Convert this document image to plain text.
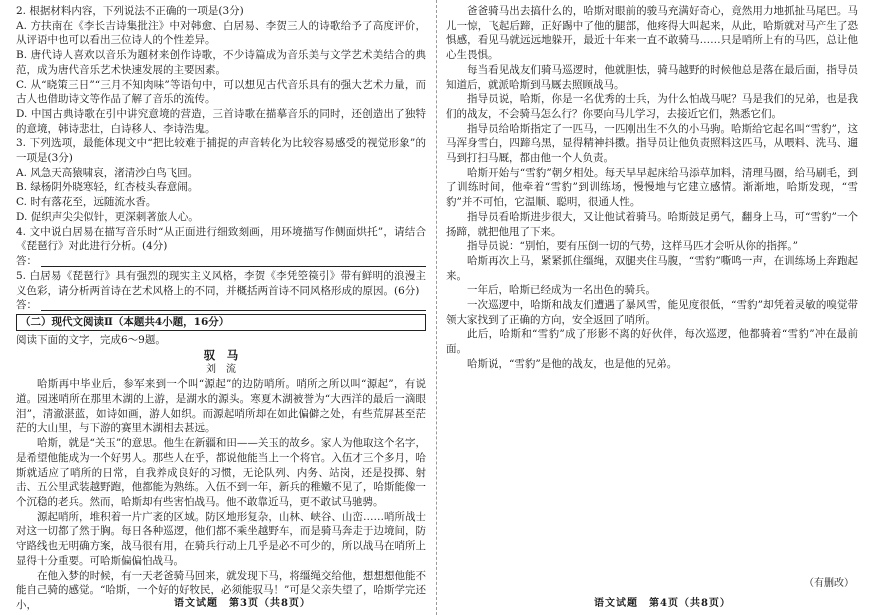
2. 根据材料内容，下列说法不正确的一项是(3分)

A. 方扶南在《李长吉诗集批注》中对韩愈、白居易、李贺三人的诗歌给予了高度评价，从评语中也可以看出三位诗人的个性差异。

B. 唐代诗人喜欢以音乐为题材来创作诗歌，不少诗篇成为音乐美与文学艺术美结合的典范，成为唐代音乐艺术快速发展的主要因素。

C. 从“晓策三日”“三月不知肉味”等语句中，可以想见古代音乐具有的强大艺术力量，而古人也借助诗文等作品了解了音乐的流传。

D. 中国古典诗歌在引中讲究意境的营造，三首诗歌在描摹音乐的同时，还创造出了独特的意境，韩诗悲壮，白诗移人、李诗浩鬼。

3. 下列选项，最能体现文中“把比较难于捕捉的声音转化为比较容易感受的视觉形象”的一项是(3分)

A. 风急天高猿啸哀，渚清沙白鸟飞回。

B. 绿杨阴外晓寒轻，红杏枝头春意闹。

C. 时有落花至，远随流水香。

D. 促织声尖尖似针，更深刺著旅人心。

4. 文中说白居易在描写音乐时“从正面进行细致刻画，用环境描写作侧面烘托”，请结合《琵琶行》对此进行分析。(4分)

答：

5. 白居易《琵琶行》具有强烈的现实主义风格，李贺《李凭箜篌引》带有鲜明的浪漫主义色彩，请分析两首诗在艺术风格上的不同，并概括两首诗不同风格形成的原因。(6分)

答：

（二）现代文阅读Ⅱ（本题共4小题，16分）

阅读下面的文字，完成6～9题。

驭　马

刘　流

哈斯再中毕业后，参军来到一个叫“源起”的边防哨所。哨所之所以叫“源起”，有说道。园迷哨所在那里木湖的上游，是湖水的源头。寒夏木湖被誉为“大西洋的最后一滴眼泪”，清澈湛蓝，如诗如画，游人如织。而源起哨所却在如此偏僻之处，有些荒屏甚至茫茫的大山里，与下游的赛里木湖相去甚远。

哈斯，就是“关玉”的意思。他生在新疆和田——关玉的故乡。家人为他取这个名字，是希望他能成为一个好男人。那些人在乎，都说他能当上一个将官。入伍才三个多月，哈斯就适应了哨所的日常，自我养成良好的习惯，无论队列、内务、站岗，还是投掷、射击、五公里武装越野跑，他都能为熟练。入伍不到一年，新兵的稚嫩不见了，哈斯能像一个沉稳的老兵。然而，哈斯却有些害怕战马。他不敢靠近马，更不敢试马驰骋。

源起哨所，堆积着一片广袤的区域。防区地形复杂，山林、峡谷、山峦……哨所战士对这一切都了然于胸。每日各种巡逻，他们都不乘坐越野车，而是骑马奔走于边境间，防守路线也无明确方案，战马很有用，在骑兵行动上几乎是必不可少的，所以战马在哨所上显得十分重要。可哈斯偏偏怕战马。

在他入梦的时候，有一天老爸骑马回来，就发现下马，将缰绳交给他，想想想他能不能自己骑的感觉。“哈斯，一个好的好牧民，必须能驭马！”可是父亲失望了，哈斯学完还小，	语文试题　第3页（共8页）

爸爸骑马出去搞什么的，哈斯对眼前的骏马充满好奇心，竟然用力地抓扯马尾巴。马儿一惊，飞起后蹄，正好踢中了他的腿部，他疼得大叫起来，从此，哈斯就对马产生了恐惧感，看见马就远远地躲开，最近十年来一直不敢骑马……只是哨所上有的马匹，总让他心生畏惧。

每当看见战友们骑马巡逻时，他就胆怯，骑马越野的时候他总是落在最后面，指导员知道后，就派哈斯到马厩去照顾战马。

指导员说，哈斯，你是一名优秀的士兵，为什么怕战马呢？马是我们的兄弟，也是我们的战友，不会骑马怎么行？你要向马儿学习，去接近它们，熟悉它们。

指导员给哈斯指定了一匹马，一匹刚出生不久的小马驹。哈斯给它起名叫“雪豹”，这马浑身雪白，四蹄乌黑，显得精神抖擞。指导员让他负责照料这匹马，从喂料、洗马、遛马到打扫马厩，都由他一个人负责。

哈斯开始与“雪豹”朝夕相处。每天早早起床给马添草加料，清理马圈，给马刷毛，到了训练时间，他牵着“雪豹”到训练场，慢慢地与它建立感情。渐渐地，哈斯发现，“雪豹”并不可怕，它温顺、聪明，很通人性。

指导员看哈斯进步很大，又让他试着骑马。哈斯鼓足勇气，翻身上马，可“雪豹”一个扬蹄，就把他甩了下来。

指导员说：“别怕，要有压倒一切的气势，这样马匹才会听从你的指挥。”

哈斯再次上马，紧紧抓住缰绳，双腿夹住马腹，“雪豹”嘶鸣一声，在训练场上奔跑起来。

一年后，哈斯已经成为一名出色的骑兵。

一次巡逻中，哈斯和战友们遭遇了暴风雪，能见度很低，“雪豹”却凭着灵敏的嗅觉带领大家找到了正确的方向，安全返回了哨所。

此后，哈斯和“雪豹”成了形影不离的好伙伴，每次巡逻，他都骑着“雪豹”冲在最前面。

哈斯说，“雪豹”是他的战友，也是他的兄弟。

（有删改）
语文试题　第4页（共8页）
